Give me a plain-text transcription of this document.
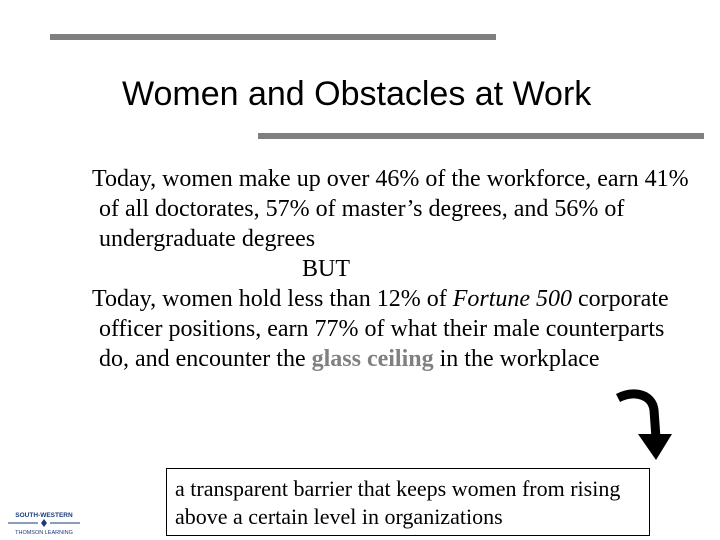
Women and Obstacles at Work

Today, women make up over 46% of the workforce, earn 41% of all doctorates, 57% of master’s degrees, and 56% of undergraduate degrees

BUT

Today, women hold less than 12% of Fortune 500 corporate officer positions, earn 77% of what their male counterparts do, and encounter the glass ceiling in the workplace

a transparent barrier that keeps women from rising above a certain level in organizations
SOUTH-WESTERN
THOMSON LEARNING
